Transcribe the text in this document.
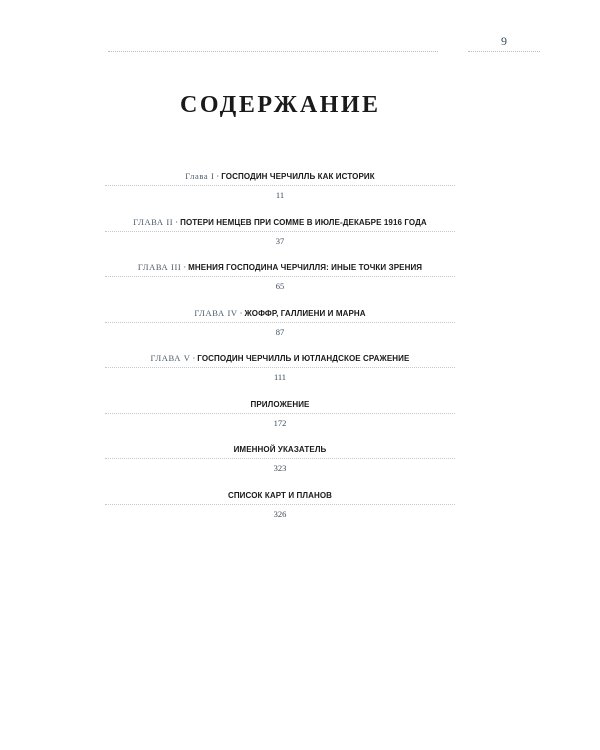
9
СОДЕРЖАНИЕ
Глава I · ГОСПОДИН ЧЕРЧИЛЛЬ КАК ИСТОРИК
11
ГЛАВА II · ПОТЕРИ НЕМЦЕВ ПРИ СОММЕ В ИЮЛЕ-ДЕКАБРЕ 1916 ГОДА
37
ГЛАВА III · МНЕНИЯ ГОСПОДИНА ЧЕРЧИЛЛЯ: ИНЫЕ ТОЧКИ ЗРЕНИЯ
65
ГЛАВА IV · ЖОФФР, ГАЛЛИЕНИ И МАРНА
87
ГЛАВА V · ГОСПОДИН ЧЕРЧИЛЛЬ И ЮТЛАНДСКОЕ СРАЖЕНИЕ
111
ПРИЛОЖЕНИЕ
172
ИМЕННОЙ УКАЗАТЕЛЬ
323
СПИСОК КАРТ И ПЛАНОВ
326
